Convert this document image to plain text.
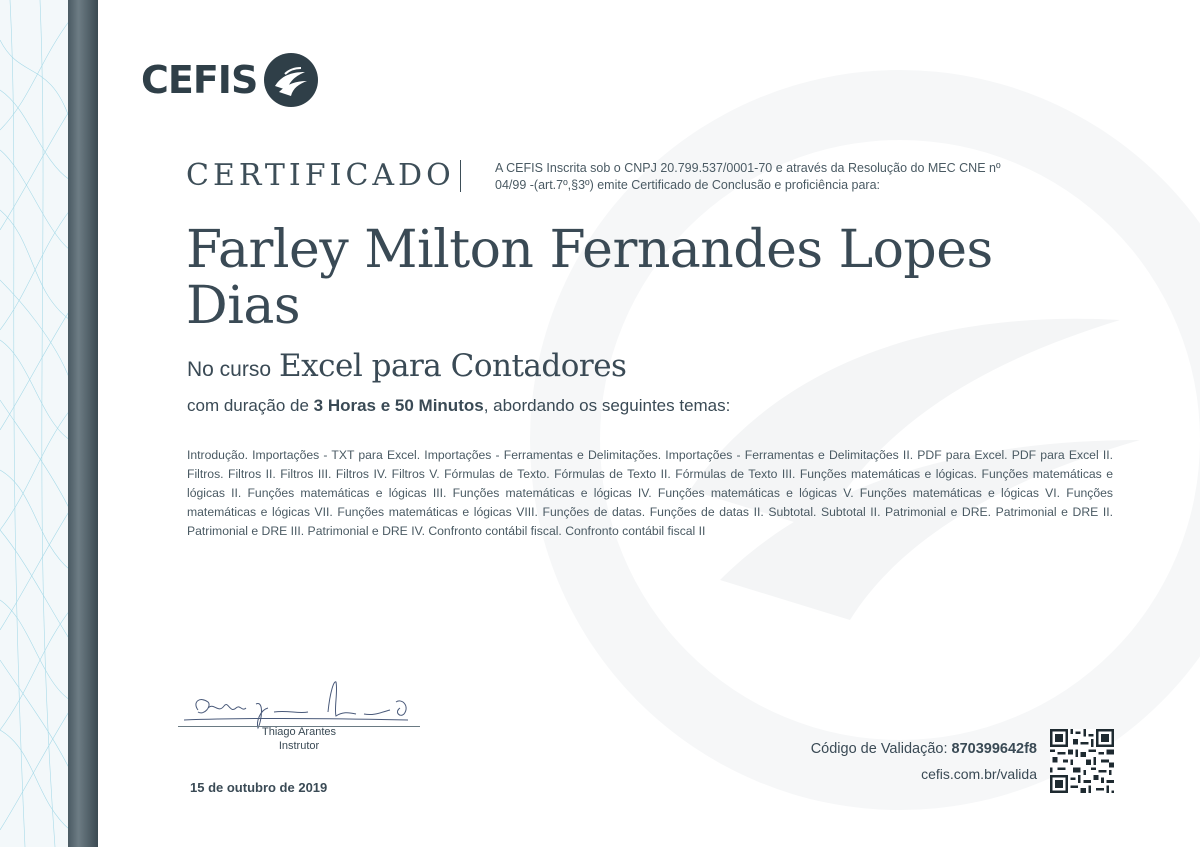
CEFIS
CERTIFICADO	A CEFIS Inscrita sob o CNPJ 20.799.537/0001-70 e através da Resolução do MEC CNE nº 04/99 -(art.7º,§3º) emite Certificado de Conclusão e proficiência para:
Farley Milton Fernandes Lopes Dias
No curso Excel para Contadores
com duração de 3 Horas e 50 Minutos, abordando os seguintes temas:
Introdução. Importações - TXT para Excel. Importações - Ferramentas e Delimitações. Importações - Ferramentas e Delimitações II. PDF para Excel. PDF para Excel II. Filtros. Filtros II. Filtros III. Filtros IV. Filtros V. Fórmulas de Texto. Fórmulas de Texto II. Fórmulas de Texto III. Funções matemáticas e lógicas. Funções matemáticas e lógicas II. Funções matemáticas e lógicas III. Funções matemáticas e lógicas IV. Funções matemáticas e lógicas V. Funções matemáticas e lógicas VI. Funções matemáticas e lógicas VII. Funções matemáticas e lógicas VIII. Funções de datas. Funções de datas II. Subtotal. Subtotal II. Patrimonial e DRE. Patrimonial e DRE II. Patrimonial e DRE III. Patrimonial e DRE IV. Confronto contábil fiscal. Confronto contábil fiscal II
Thiago Arantes
Instrutor
15 de outubro de 2019
Código de Validação: 870399642f8
cefis.com.br/valida
